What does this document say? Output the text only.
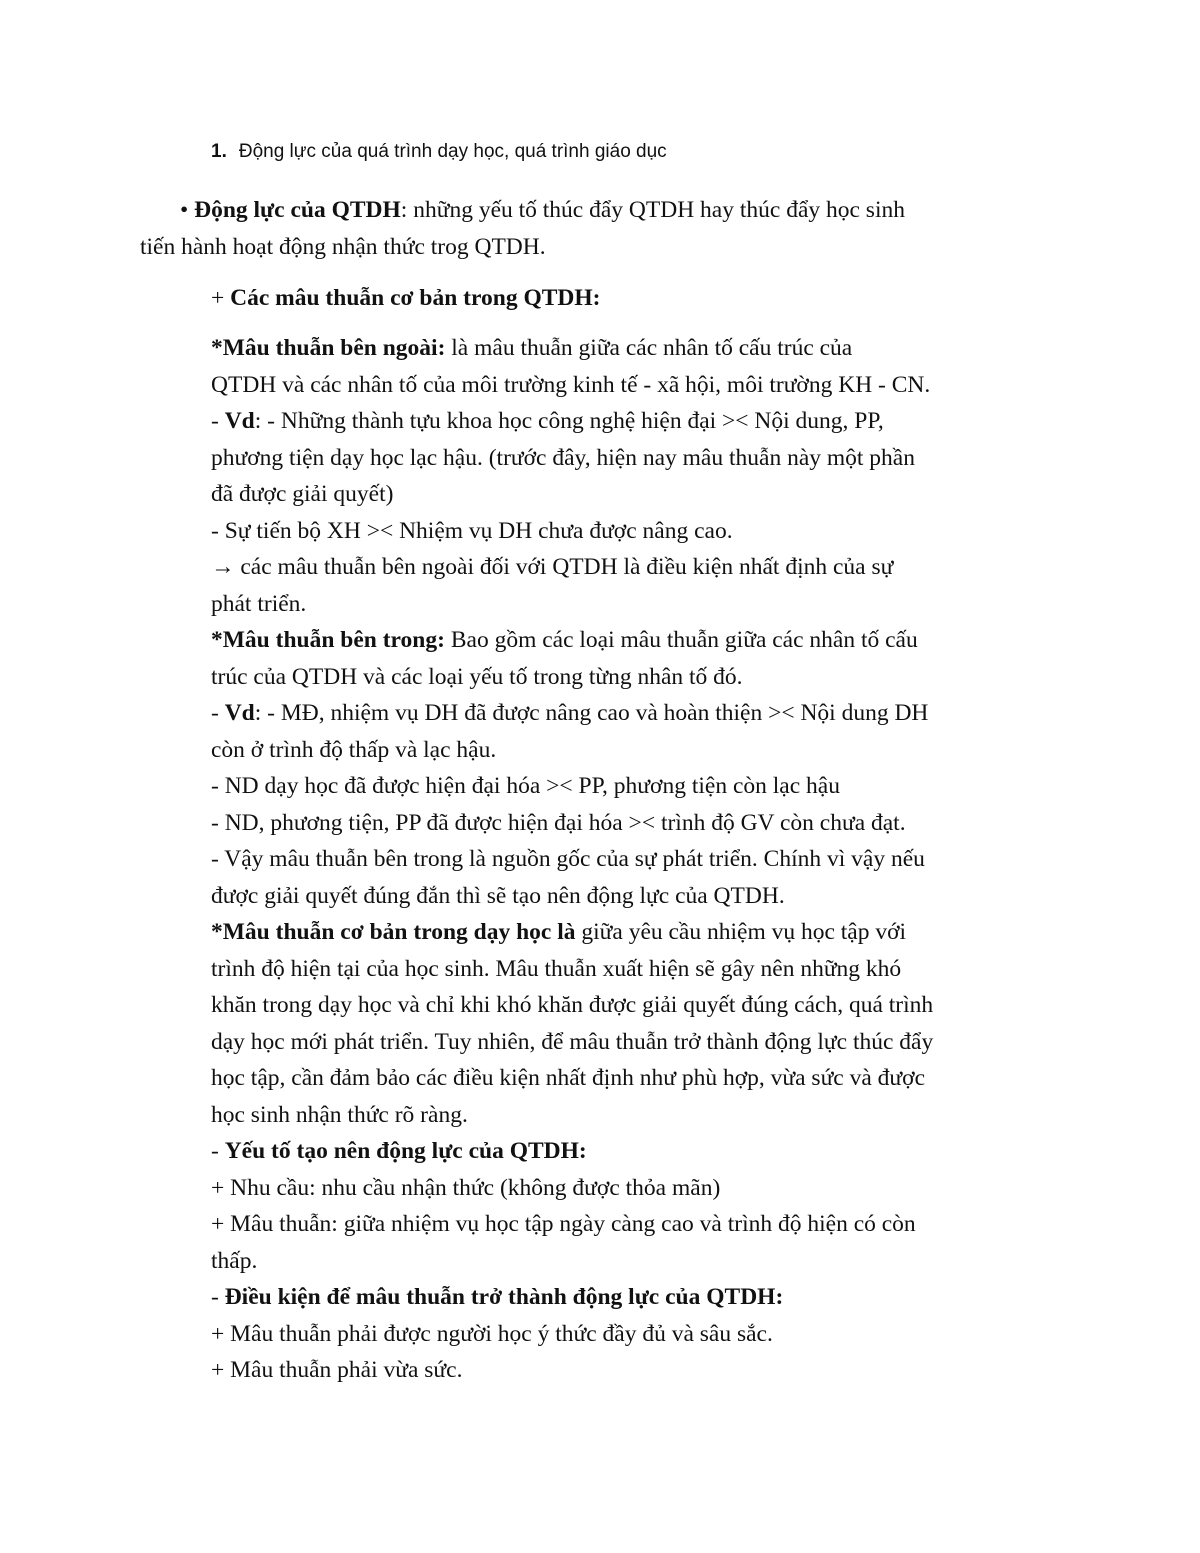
1. Động lực của quá trình dạy học, quá trình giáo dục
• Động lực của QTDH: những yếu tố thúc đẩy QTDH hay thúc đẩy học sinh
tiến hành hoạt động nhận thức trog QTDH.
+ Các mâu thuẫn cơ bản trong QTDH:
*Mâu thuẫn bên ngoài: là mâu thuẫn giữa các nhân tố cấu trúc của
QTDH và các nhân tố của môi trường kinh tế - xã hội, môi trường KH - CN.
- Vd: - Những thành tựu khoa học công nghệ hiện đại >< Nội dung, PP,
phương tiện dạy học lạc hậu. (trước đây, hiện nay mâu thuẫn này một phần
đã được giải quyết)
- Sự tiến bộ XH >< Nhiệm vụ DH chưa được nâng cao.
→ các mâu thuẫn bên ngoài đối với QTDH là điều kiện nhất định của sự
phát triển.
*Mâu thuẫn bên trong: Bao gồm các loại mâu thuẫn giữa các nhân tố cấu
trúc của QTDH và các loại yếu tố trong từng nhân tố đó.
- Vd: - MĐ, nhiệm vụ DH đã được nâng cao và hoàn thiện >< Nội dung DH
còn ở trình độ thấp và lạc hậu.
- ND dạy học đã được hiện đại hóa >< PP, phương tiện còn lạc hậu
- ND, phương tiện, PP đã được hiện đại hóa >< trình độ GV còn chưa đạt.
- Vậy mâu thuẫn bên trong là nguồn gốc của sự phát triển. Chính vì vậy nếu
được giải quyết đúng đắn thì sẽ tạo nên động lực của QTDH.
*Mâu thuẫn cơ bản trong dạy học là giữa yêu cầu nhiệm vụ học tập với
trình độ hiện tại của học sinh. Mâu thuẫn xuất hiện sẽ gây nên những khó
khăn trong dạy học và chỉ khi khó khăn được giải quyết đúng cách, quá trình
dạy học mới phát triển. Tuy nhiên, để mâu thuẫn trở thành động lực thúc đẩy
học tập, cần đảm bảo các điều kiện nhất định như phù hợp, vừa sức và được
học sinh nhận thức rõ ràng.
- Yếu tố tạo nên động lực của QTDH:
+ Nhu cầu: nhu cầu nhận thức (không được thỏa mãn)
+ Mâu thuẫn: giữa nhiệm vụ học tập ngày càng cao và trình độ hiện có còn
thấp.
- Điều kiện để mâu thuẫn trở thành động lực của QTDH:
+ Mâu thuẫn phải được người học ý thức đầy đủ và sâu sắc.
+ Mâu thuẫn phải vừa sức.
